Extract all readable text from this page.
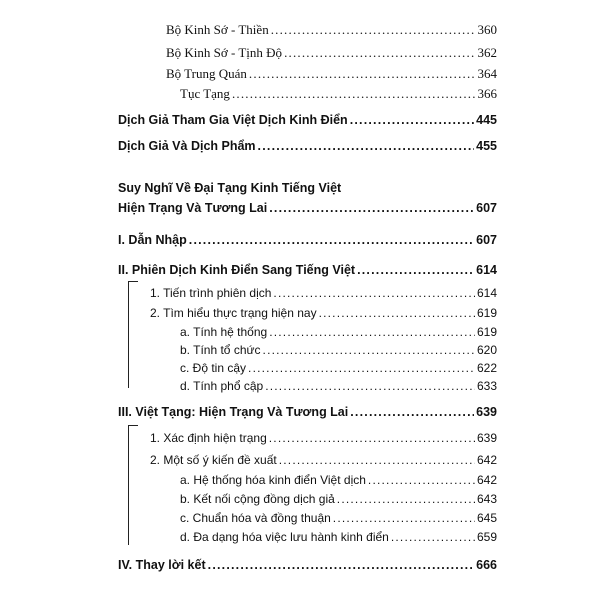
Bộ Kinh Sớ - Thiền .....	360
Bộ Kinh Sớ - Tịnh Độ .....	362
Bộ Trung Quán .....	364
Tục Tạng .....	366
Dịch Giả Tham Gia Việt Dịch Kinh Điển .....	445
Dịch Giả Và Dịch Phẩm .....	455
Suy Nghĩ Về Đại Tạng Kinh Tiếng Việt
Hiện Trạng Và Tương Lai .....	607
I. Dẫn Nhập .....	607
II. Phiên Dịch Kinh Điển Sang Tiếng Việt .....	614
1. Tiến trình phiên dịch .....	614
2. Tìm hiểu thực trạng hiện nay .....	619
a. Tính hệ thống .....	619
b. Tính tổ chức .....	620
c. Độ tin cậy .....	622
d. Tính phổ cập .....	633
III. Việt Tạng: Hiện Trạng Và Tương Lai .....	639
1. Xác định hiện trạng .....	639
2. Một số ý kiến đề xuất .....	642
a. Hệ thống hóa kinh điển Việt dịch .....	642
b. Kết nối cộng đồng dịch giả .....	643
c. Chuẩn hóa và đồng thuận .....	645
d. Đa dạng hóa việc lưu hành kinh điển .....	659
IV. Thay lời kết .....	666
